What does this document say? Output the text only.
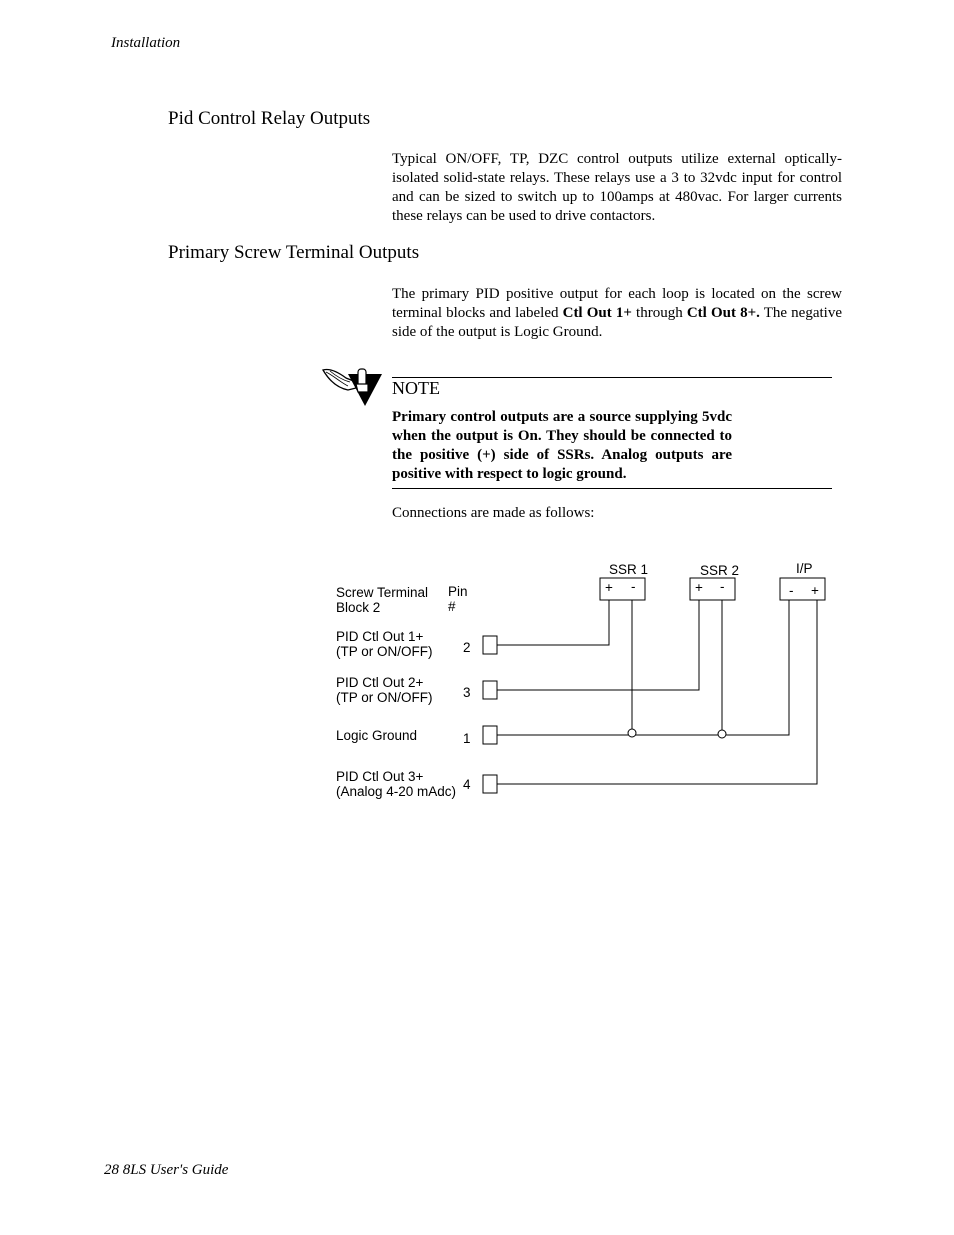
Installation
Pid Control Relay Outputs
Typical ON/OFF, TP, DZC control outputs utilize external optically-isolated solid-state relays. These relays use a 3 to 32vdc input for control and can be sized to switch up to 100amps at 480vac. For larger currents these relays can be used to drive contactors.
Primary Screw Terminal Outputs
The primary PID positive output for each loop is located on the screw terminal blocks and labeled Ctl Out 1+ through Ctl Out 8+. The negative side of the output is Logic Ground.
NOTE
Primary control outputs are a source supplying 5vdc when the output is On. They should be connected to the positive (+) side of SSRs. Analog outputs are positive with respect to logic ground.
Connections are made as follows:
Screw Terminal
Block 2
Pin
#
PID Ctl Out 1+
(TP or ON/OFF) 2
PID Ctl Out 2+
(TP or ON/OFF) 3
Logic Ground	1
PID Ctl Out 3+
(Analog 4-20 mAdc) 4
SSR 1	SSR 2	I/P
+ -	+ -	- +
28 8LS User's Guide
